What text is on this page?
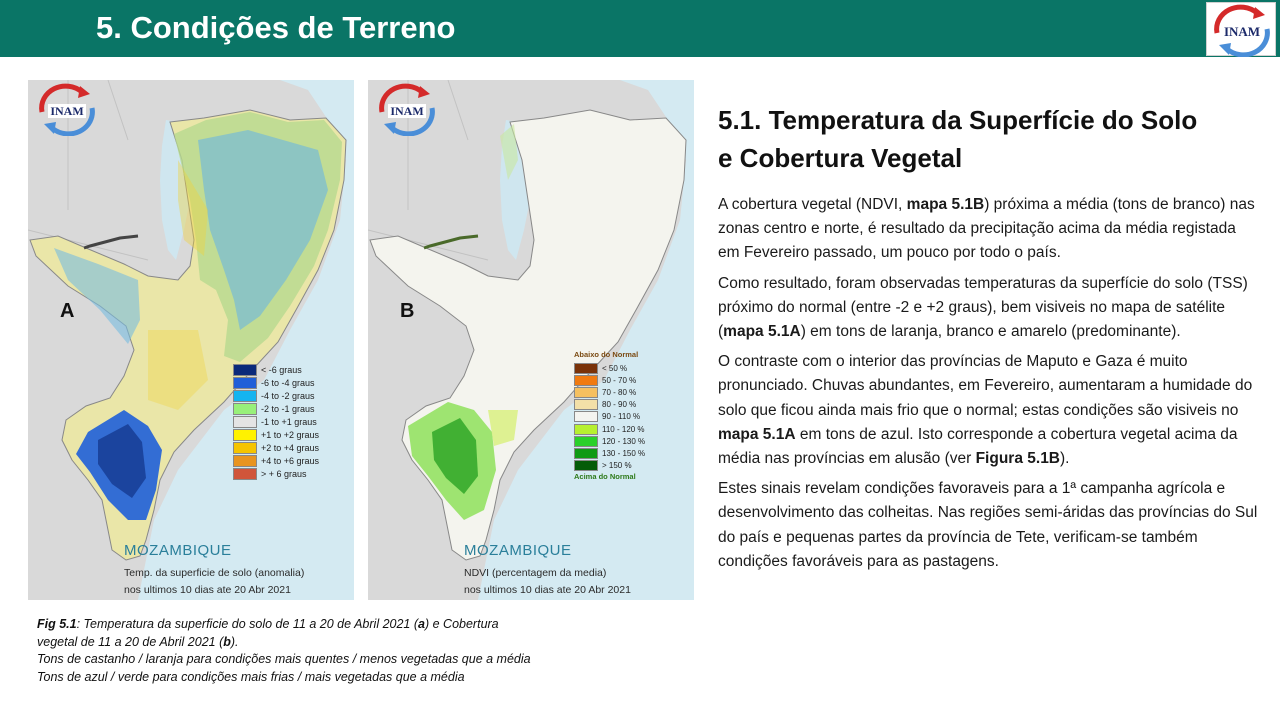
5. Condições de Terreno	INAM
INAM
A
< -6 graus
-6 to -4 graus
-4 to -2 graus
-2 to -1 graus
-1 to +1 graus
+1 to +2 graus
+2 to +4 graus
+4 to +6 graus
> + 6 graus
MOZAMBIQUE
Temp. da superficie de solo (anomalia)
nos ultimos 10 dias ate 20 Abr 2021
INAM
B
Abaixo do Normal
< 50 %
50 - 70 %
70 - 80 %
80 - 90 %
90 - 110 %
110 - 120 %
120 - 130 %
130 - 150 %
> 150 %
Acima do Normal
MOZAMBIQUE
NDVI (percentagem da media)
nos ultimos 10 dias ate 20 Abr 2021
Fig 5.1: Temperatura da superficie do solo de 11 a 20 de Abril 2021 (a) e Cobertura
vegetal de 11 a 20 de Abril 2021 (b).
Tons de castanho / laranja para condições mais quentes / menos vegetadas que a média
Tons de azul / verde para condições mais frias / mais vegetadas que a média
5.1. Temperatura da Superfície do Solo
e Cobertura Vegetal

A cobertura vegetal (NDVI, mapa 5.1B) próxima a média (tons de branco) nas zonas centro e norte, é resultado da precipitação acima da média registada em Fevereiro passado, um pouco por todo o país.

Como resultado, foram observadas temperaturas da superfície do solo (TSS) próximo do normal (entre -2 e +2 graus), bem visiveis no mapa de satélite (mapa 5.1A) em tons de laranja, branco e amarelo (predominante).

O contraste com o interior das províncias de Maputo e Gaza é muito pronunciado. Chuvas abundantes, em Fevereiro, aumentaram a humidade do solo que ficou ainda mais frio que o normal; estas condições são visiveis no mapa 5.1A em tons de azul. Isto corresponde a cobertura vegetal acima da média nas províncias em alusão (ver Figura 5.1B).

Estes sinais revelam condições favoraveis para a 1ª campanha agrícola e desenvolvimento das colheitas. Nas regiões semi-áridas das províncias do Sul do país e pequenas partes da província de Tete, verificam-se também condições favoráveis para as pastagens.
